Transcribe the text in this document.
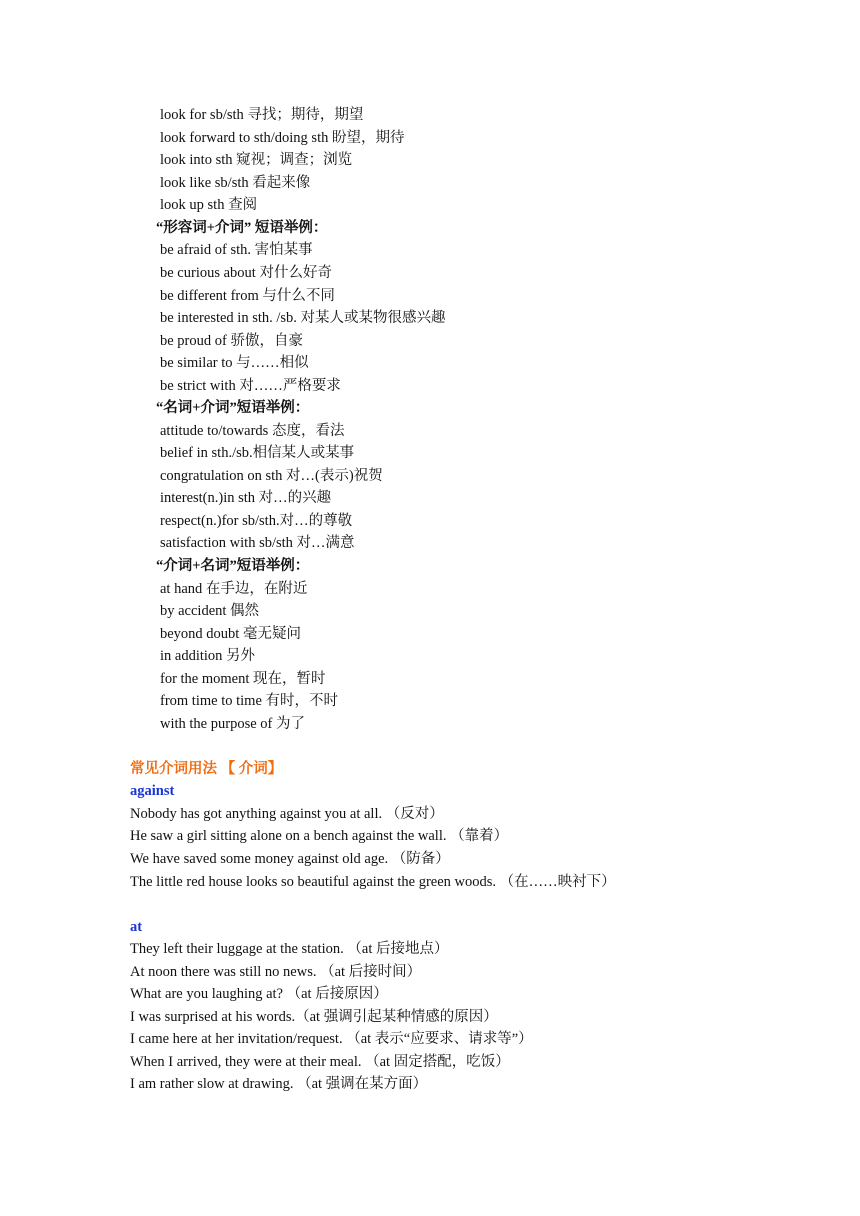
look for sb/sth 寻找；期待，期望
look forward to sth/doing sth 盼望，期待
look into sth 窥视；调查；浏览
look like sb/sth 看起来像
look up sth 查阅
“形容词+介词” 短语举例：
be afraid of sth. 害怕某事
be curious about 对什么好奇
be different from 与什么不同
be interested in sth. /sb. 对某人或某物很感兴趣
be proud of 骄傲，自豪
be similar to 与……相似
be strict with 对……严格要求
“名词+介词”短语举例：
attitude to/towards 态度，看法
belief in sth./sb.相信某人或某事
congratulation on sth 对…(表示)祝贺
interest(n.)in sth 对…的兴趣
respect(n.)for sb/sth.对…的尊敬
satisfaction with sb/sth 对…满意
“介词+名词”短语举例：
at hand 在手边，在附近
by accident 偶然
beyond doubt 毫无疑问
in addition 另外
for the moment 现在，暂时
from time to time 有时，不时
with the purpose of 为了
常见介词用法 【 介词】
against
Nobody has got anything against you at all. （反对）
He saw a girl sitting alone on a bench against the wall. （靠着）
We have saved some money against old age. （防备）
The little red house looks so beautiful against the green woods. （在……映衬下）
at
They left their luggage at the station. （at 后接地点）
At noon there was still no news. （at 后接时间）
What are you laughing at? （at 后接原因）
I was surprised at his words.（at 强调引起某种情感的原因）
I came here at her invitation/request. （at 表示“应要求、请求等”）
When I arrived, they were at their meal. （at 固定搭配，吃饭）
I am rather slow at drawing. （at 强调在某方面）
